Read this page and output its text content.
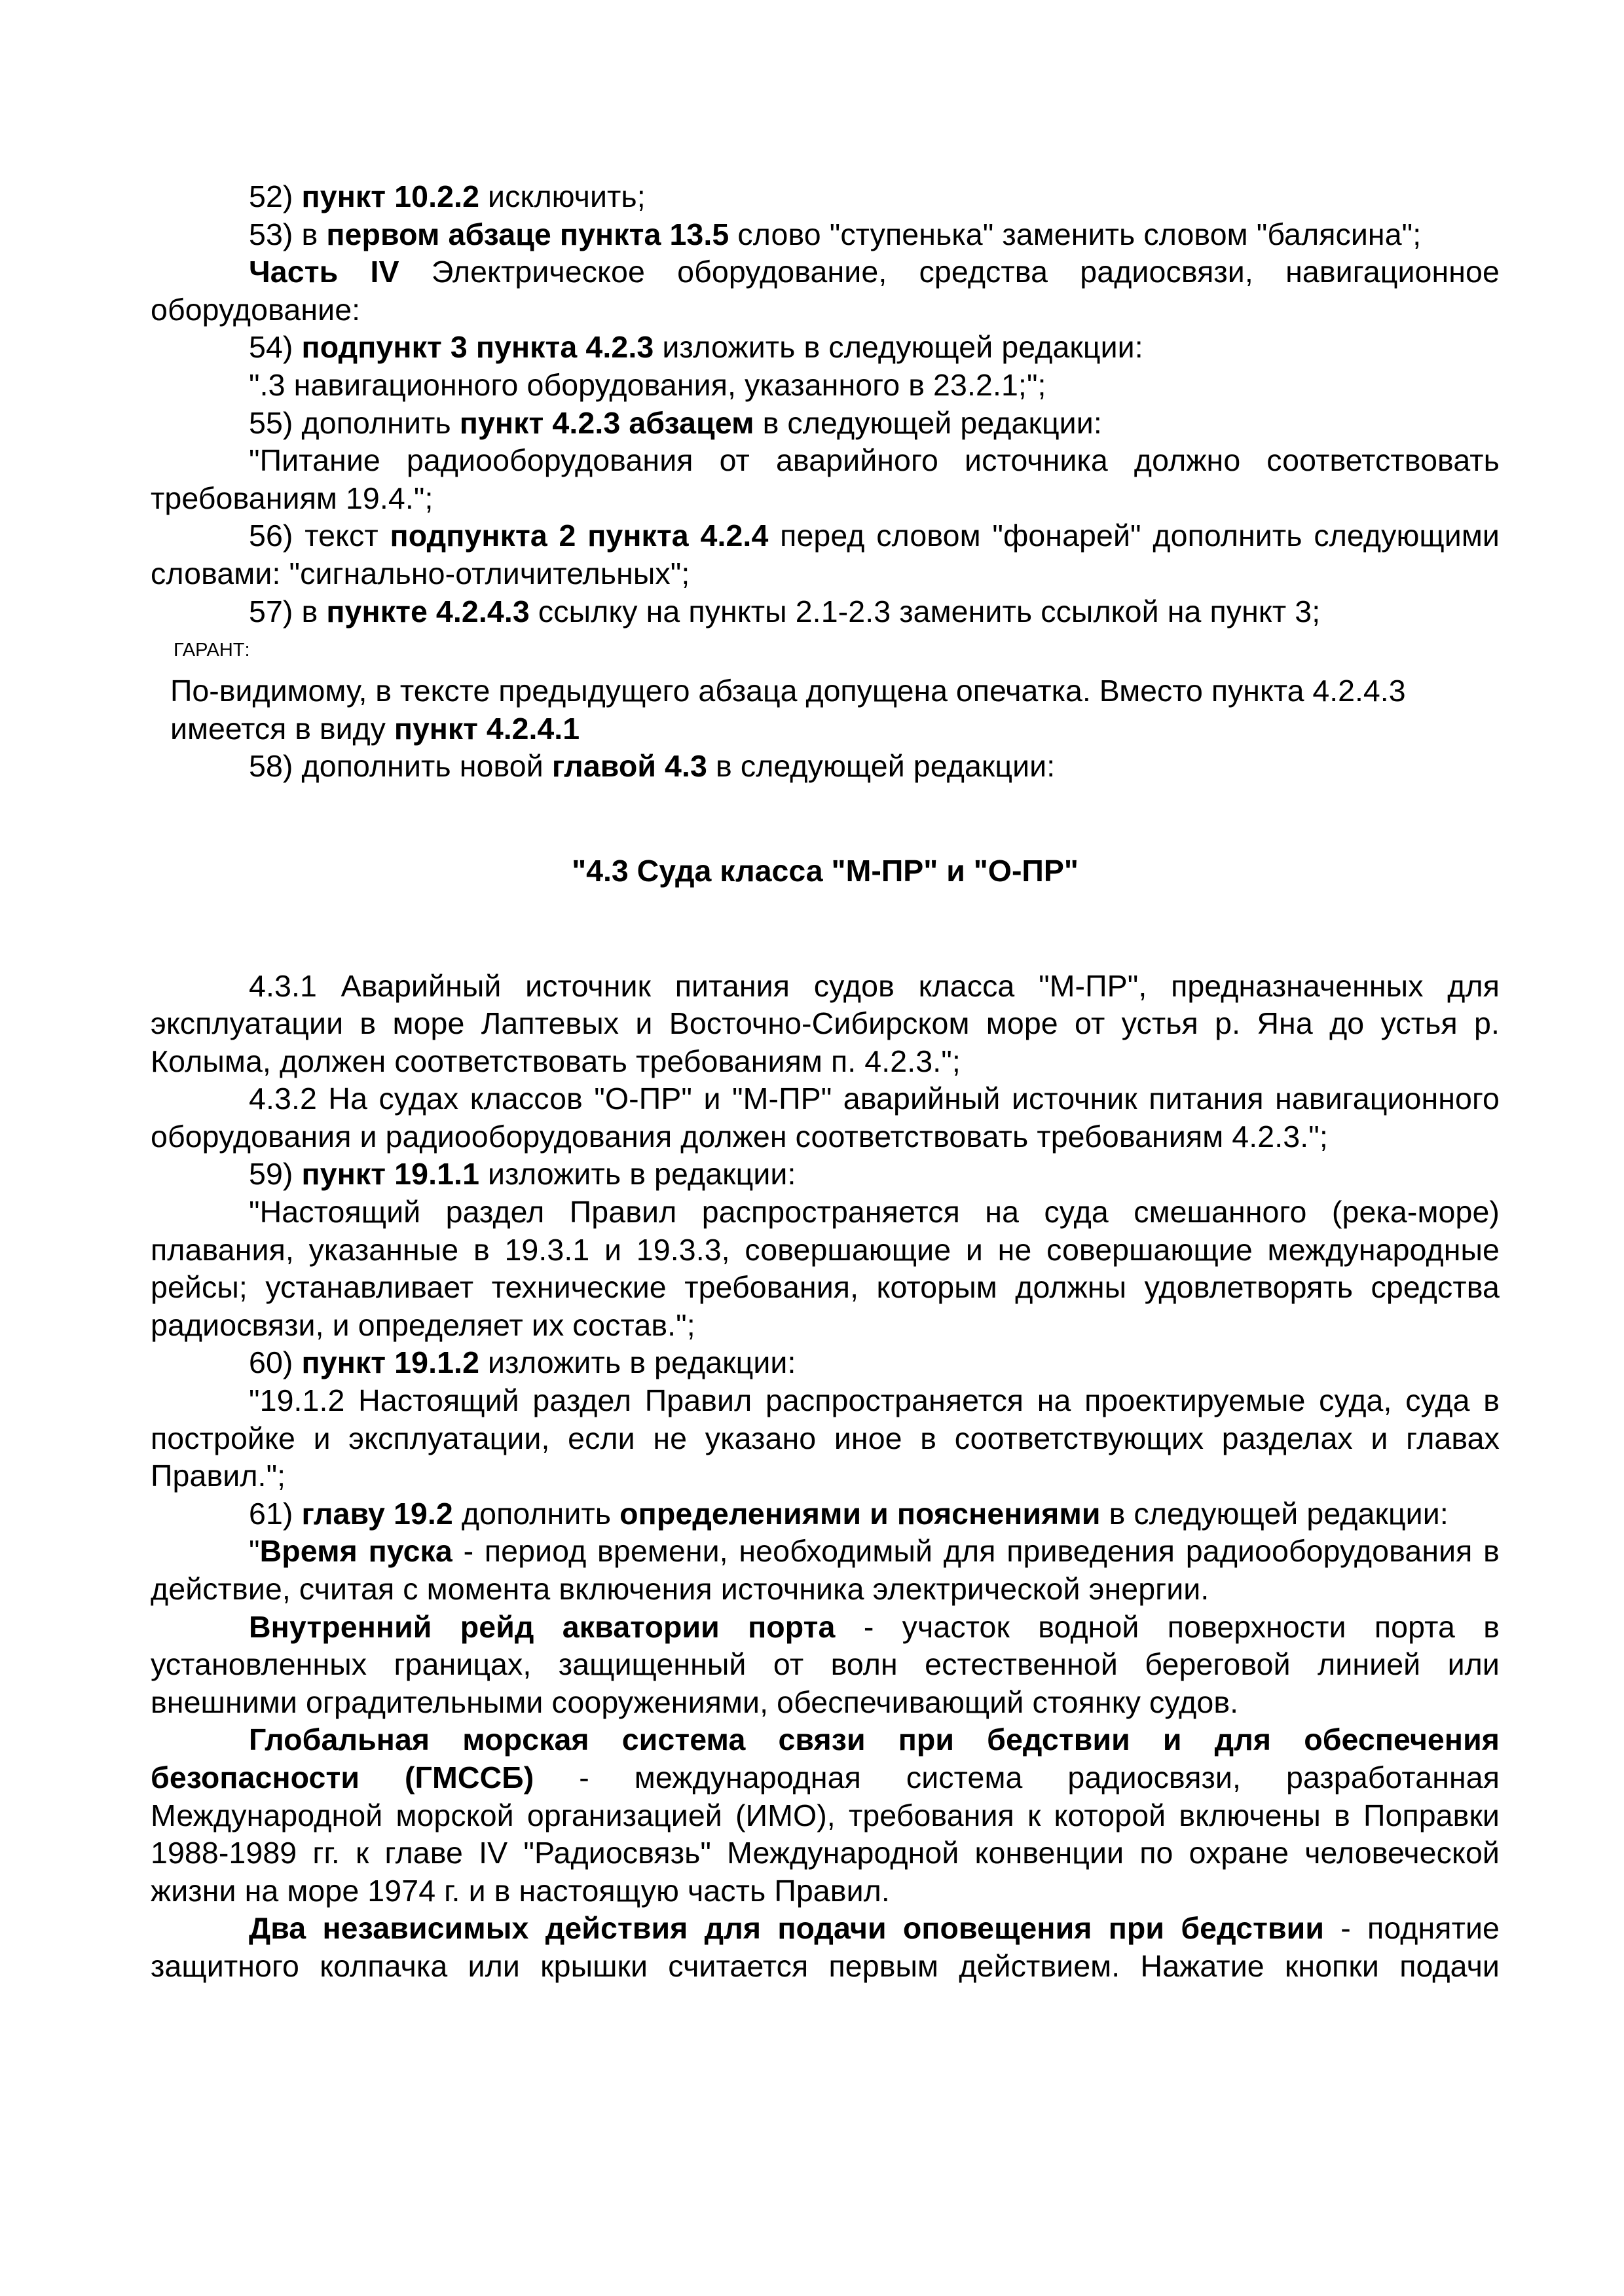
52) пункт 10.2.2 исключить;

53) в первом абзаце пункта 13.5 слово "ступенька" заменить словом "балясина";

Часть IV Электрическое оборудование, средства радиосвязи, навигационное оборудование:

54) подпункт 3 пункта 4.2.3 изложить в следующей редакции:

".3 навигационного оборудования, указанного в 23.2.1;";

55) дополнить пункт 4.2.3 абзацем в следующей редакции:

"Питание радиооборудования от аварийного источника должно соответствовать требованиям 19.4.";

56) текст подпункта 2 пункта 4.2.4 перед словом "фонарей" дополнить следующими словами: "сигнально-отличительных";

57) в пункте 4.2.4.3 ссылку на пункты 2.1-2.3 заменить ссылкой на пункт 3;

ГАРАНТ:

По-видимому, в тексте предыдущего абзаца допущена опечатка. Вместо пункта 4.2.4.3 имеется в виду пункт 4.2.4.1

58) дополнить новой главой 4.3 в следующей редакции:

"4.3 Суда класса "М-ПР" и "О-ПР"

4.3.1 Аварийный источник питания судов класса "М-ПР", предназначенных для эксплуатации в море Лаптевых и Восточно-Сибирском море от устья р. Яна до устья р. Колыма, должен соответствовать требованиям п. 4.2.3.";

4.3.2 На судах классов "О-ПР" и "М-ПР" аварийный источник питания навигационного оборудования и радиооборудования должен соответствовать требованиям 4.2.3.";

59) пункт 19.1.1 изложить в редакции:

"Настоящий раздел Правил распространяется на суда смешанного (река-море) плавания, указанные в 19.3.1 и 19.3.3, совершающие и не совершающие международные рейсы; устанавливает технические требования, которым должны удовлетворять средства радиосвязи, и определяет их состав.";

60) пункт 19.1.2 изложить в редакции:

"19.1.2 Настоящий раздел Правил распространяется на проектируемые суда, суда в постройке и эксплуатации, если не указано иное в соответствующих разделах и главах Правил.";

61) главу 19.2 дополнить определениями и пояснениями в следующей редакции:

"Время пуска - период времени, необходимый для приведения радиооборудования в действие, считая с момента включения источника электрической энергии.

Внутренний рейд акватории порта - участок водной поверхности порта в установленных границах, защищенный от волн естественной береговой линией или внешними оградительными сооружениями, обеспечивающий стоянку судов.

Глобальная морская система связи при бедствии и для обеспечения безопасности (ГМССБ) - международная система радиосвязи, разработанная Международной морской организацией (ИМО), требования к которой включены в Поправки 1988-1989 гг. к главе IV "Радиосвязь" Международной конвенции по охране человеческой жизни на море 1974 г. и в настоящую часть Правил.

Два независимых действия для подачи оповещения при бедствии - поднятие защитного колпачка или крышки считается первым действием. Нажатие кнопки подачи
